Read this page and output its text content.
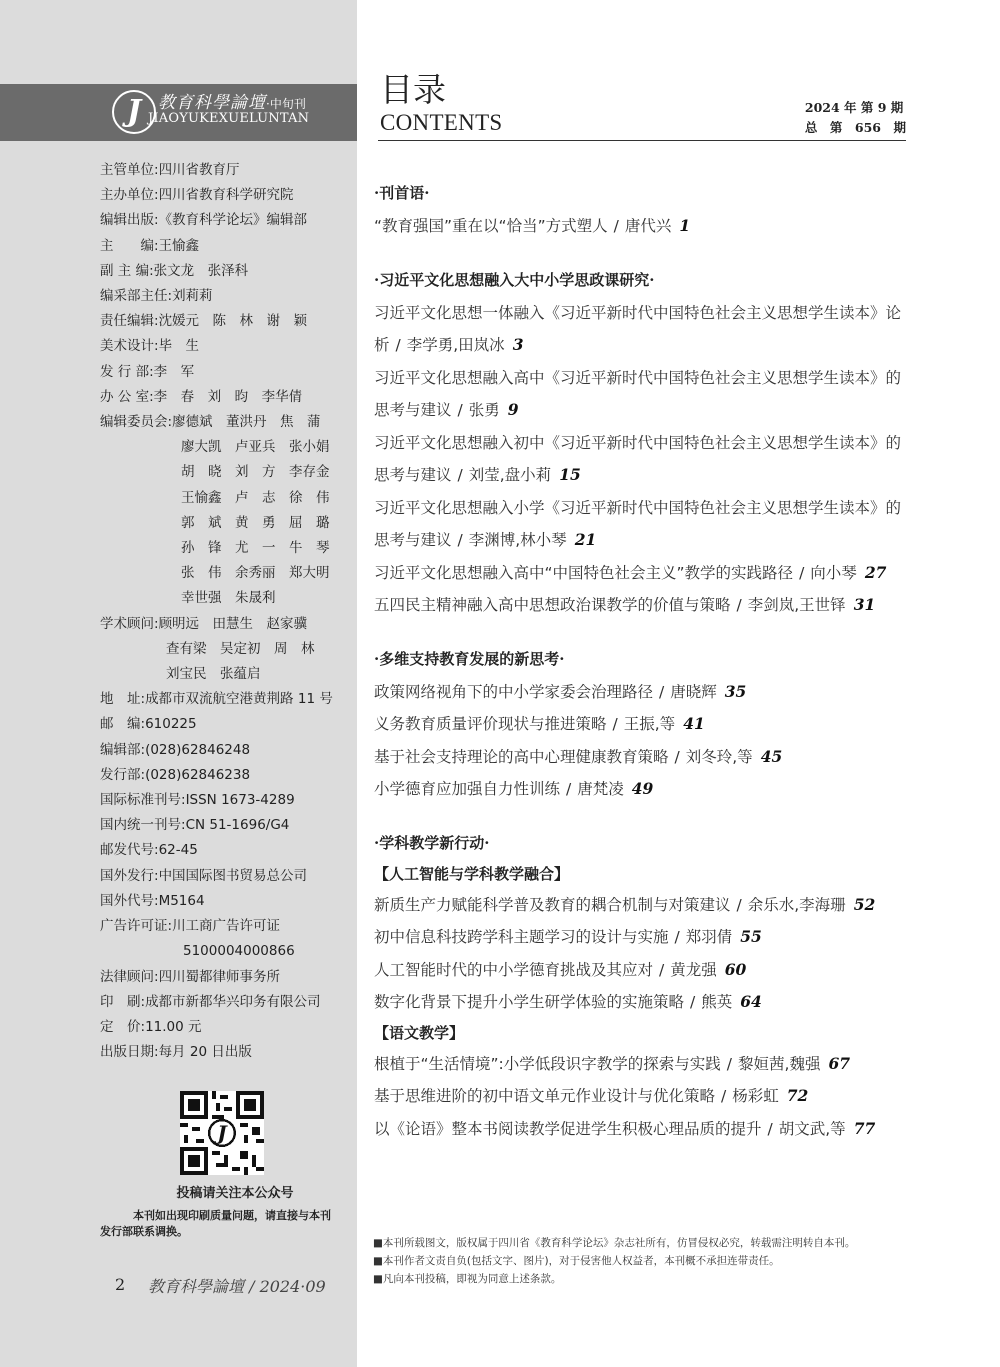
J 教育科學論壇·中旬刊
JIAOYUKEXUELUNTAN
主管单位: 四川省教育厅
主办单位: 四川省教育科学研究院
编辑出版: 《教育科学论坛》编辑部
主　　编: 王愉鑫
副 主 编: 张文龙　张泽科
编采部主任: 刘莉莉
责任编辑: 沈媛元　陈　林　谢　颖
美术设计: 毕　生
发 行 部: 李　军
办 公 室: 李　春　刘　昀　李华倩
编辑委员会: 廖德斌　董洪丹　焦　蒲
廖大凯　卢亚兵　张小娟
胡　晓　刘　方　李存金
王愉鑫　卢　志　徐　伟
郭　斌　黄　勇　屈　璐
孙　锋　尤　一　牛　琴
张　伟　余秀丽　郑大明
幸世强　朱晟利
学术顾问: 顾明远　田慧生　赵家骥
查有梁　吴定初　周　林
刘宝民　张蕴启
地　址: 成都市双流航空港黄荆路 11 号
邮　编: 610225
编辑部: (028)62846248
发行部: (028)62846238
国际标准刊号: ISSN 1673-4289
国内统一刊号: CN 51-1696/G4
邮发代号: 62-45
国外发行: 中国国际图书贸易总公司
国外代号: M5164
广告许可证: 川工商广告许可证
5100004000866
法律顾问: 四川蜀都律师事务所
印　刷: 成都市新都华兴印务有限公司
定　价: 11.00 元
出版日期: 每月 20 日出版
J
投稿请关注本公众号

本刊如出现印刷质量问题，请直接与本刊发行部联系调换。

2 教育科學論壇 / 2024·09
目录
CONTENTS
2024 年 第 9 期
总　第　656　期
·刊首语·
“教育强国”重在以“恰当”方式塑人 / 唐代兴 1
·习近平文化思想融入大中小学思政课研究·
习近平文化思想一体融入《习近平新时代中国特色社会主义思想学生读本》论析 / 李学勇,田岚冰 3
习近平文化思想融入高中《习近平新时代中国特色社会主义思想学生读本》的思考与建议 / 张勇 9
习近平文化思想融入初中《习近平新时代中国特色社会主义思想学生读本》的思考与建议 / 刘莹,盘小莉 15
习近平文化思想融入小学《习近平新时代中国特色社会主义思想学生读本》的思考与建议 / 李渊博,林小琴 21
习近平文化思想融入高中“中国特色社会主义”教学的实践路径 / 向小琴 27
五四民主精神融入高中思想政治课教学的价值与策略 / 李剑岚,王世铎 31
·多维支持教育发展的新思考·
政策网络视角下的中小学家委会治理路径 / 唐晓辉 35
义务教育质量评价现状与推进策略 / 王振,等 41
基于社会支持理论的高中心理健康教育策略 / 刘冬玲,等 45
小学德育应加强自力性训练 / 唐梵凌 49
·学科教学新行动·
【人工智能与学科教学融合】
新质生产力赋能科学普及教育的耦合机制与对策建议 / 余乐水,李海珊 52
初中信息科技跨学科主题学习的设计与实施 / 郑羽倩 55
人工智能时代的中小学德育挑战及其应对 / 黄龙强 60
数字化背景下提升小学生研学体验的实施策略 / 熊英 64
【语文教学】
根植于“生活情境”:小学低段识字教学的探索与实践 / 黎姮茜,魏强 67
基于思维进阶的初中语文单元作业设计与优化策略 / 杨彩虹 72
以《论语》整本书阅读教学促进学生积极心理品质的提升 / 胡文武,等 77
■本刊所载图文，版权属于四川省《教育科学论坛》杂志社所有，仿冒侵权必究，转载需注明转自本刊。
■本刊作者文责自负(包括文字、图片)，对于侵害他人权益者，本刊概不承担连带责任。
■凡向本刊投稿，即视为同意上述条款。
